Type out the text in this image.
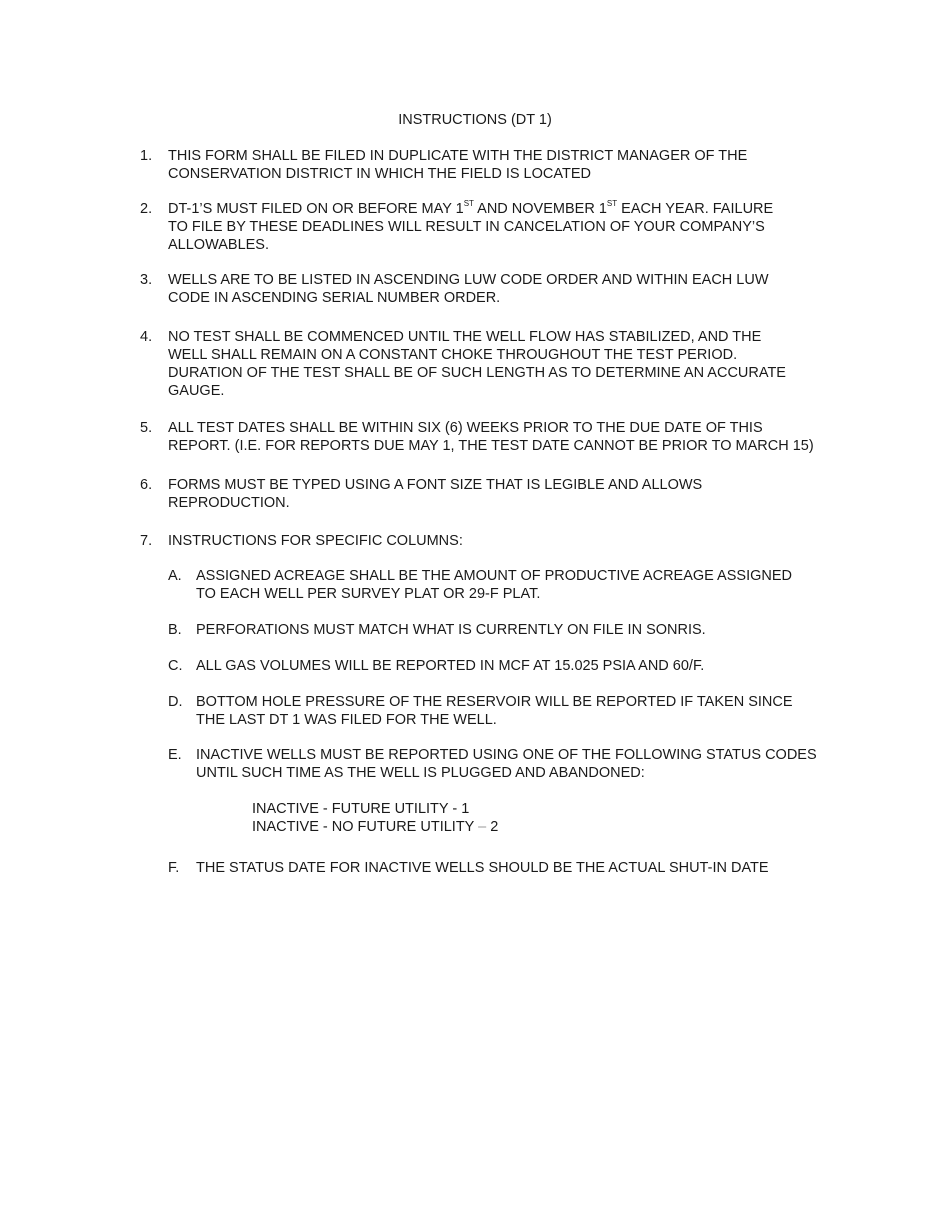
INSTRUCTIONS (DT 1)
1.	THIS FORM SHALL BE FILED IN DUPLICATE WITH THE DISTRICT MANAGER OF THE
CONSERVATION DISTRICT IN WHICH THE FIELD IS LOCATED
2.	DT-1’S MUST FILED ON OR BEFORE MAY 1ST AND NOVEMBER 1ST EACH YEAR. FAILURE
TO FILE BY THESE DEADLINES WILL RESULT IN CANCELATION OF YOUR COMPANY’S
ALLOWABLES.
3.	WELLS ARE TO BE LISTED IN ASCENDING LUW CODE ORDER AND WITHIN EACH LUW
CODE IN ASCENDING SERIAL NUMBER ORDER.
4.	NO TEST SHALL BE COMMENCED UNTIL THE WELL FLOW HAS STABILIZED, AND THE
WELL SHALL REMAIN ON A CONSTANT CHOKE THROUGHOUT THE TEST PERIOD.
DURATION OF THE TEST SHALL BE OF SUCH LENGTH AS TO DETERMINE AN ACCURATE
GAUGE.
5.	ALL TEST DATES SHALL BE WITHIN SIX (6) WEEKS PRIOR TO THE DUE DATE OF THIS
REPORT. (I.E. FOR REPORTS DUE MAY 1, THE TEST DATE CANNOT BE PRIOR TO MARCH 15)
6.	FORMS MUST BE TYPED USING A FONT SIZE THAT IS LEGIBLE AND ALLOWS
REPRODUCTION.
7.	INSTRUCTIONS FOR SPECIFIC COLUMNS:
A. ASSIGNED ACREAGE SHALL BE THE AMOUNT OF PRODUCTIVE ACREAGE ASSIGNED
TO EACH WELL PER SURVEY PLAT OR 29-F PLAT.
B. PERFORATIONS MUST MATCH WHAT IS CURRENTLY ON FILE IN SONRIS.
C. ALL GAS VOLUMES WILL BE REPORTED IN MCF AT 15.025 PSIA AND 60/F.
D. BOTTOM HOLE PRESSURE OF THE RESERVOIR WILL BE REPORTED IF TAKEN SINCE
THE LAST DT 1 WAS FILED FOR THE WELL.
E. INACTIVE WELLS MUST BE REPORTED USING ONE OF THE FOLLOWING STATUS CODES
UNTIL SUCH TIME AS THE WELL IS PLUGGED AND ABANDONED:
INACTIVE - FUTURE UTILITY - 1
INACTIVE - NO FUTURE UTILITY – 2
F.	THE STATUS DATE FOR INACTIVE WELLS SHOULD BE THE ACTUAL SHUT-IN DATE
